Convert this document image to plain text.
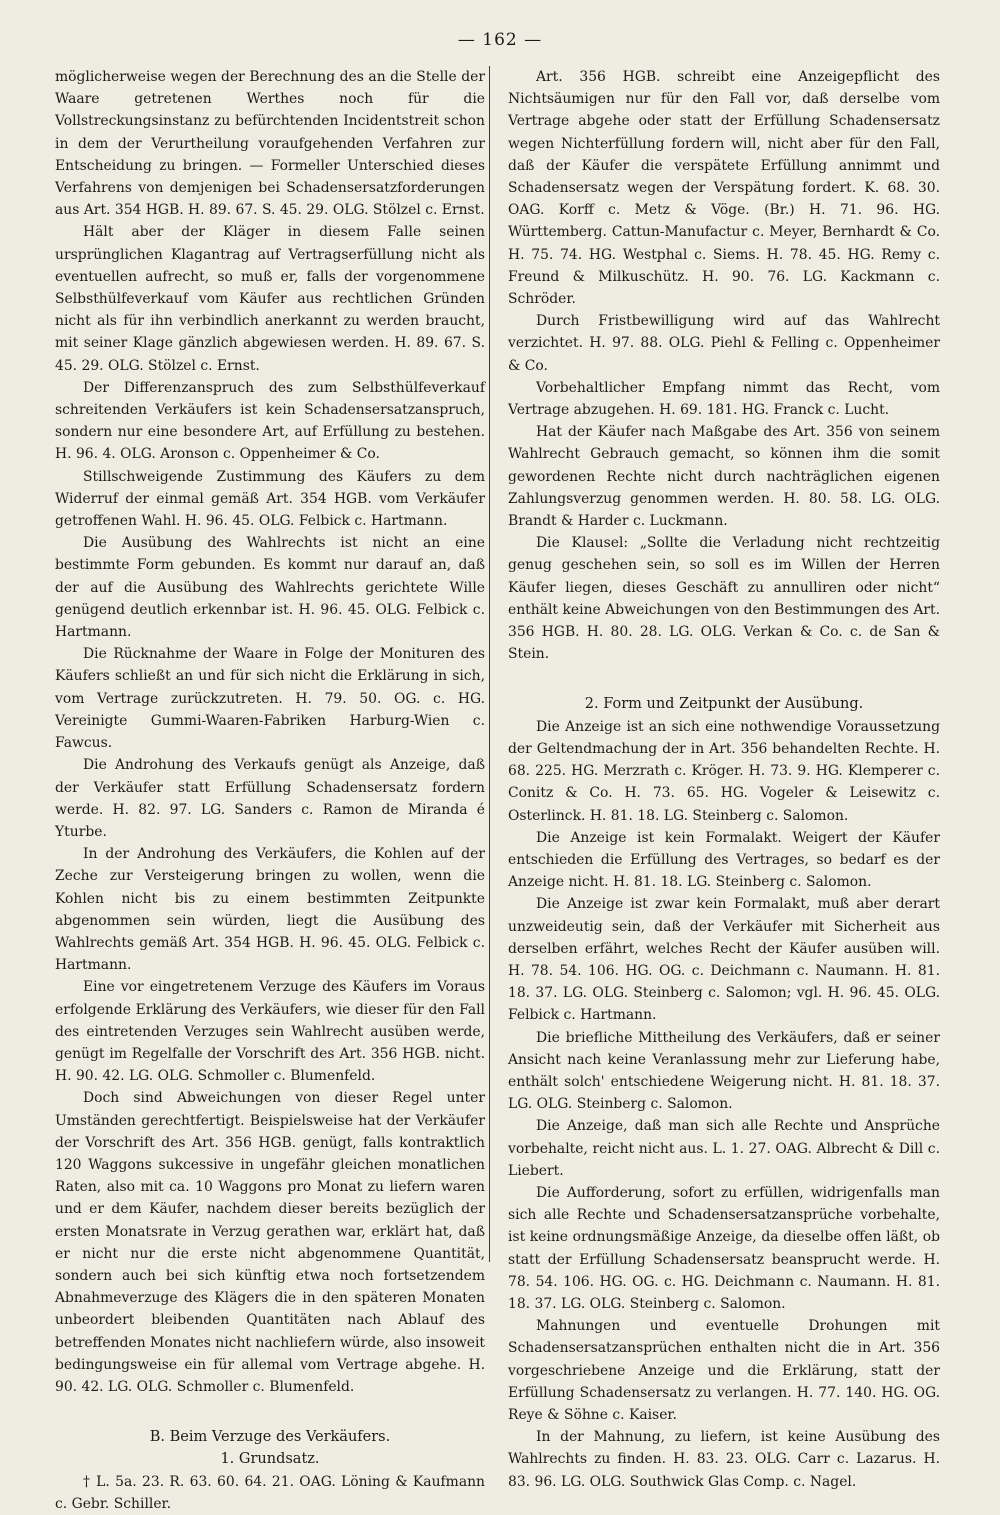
— 162 —

möglicherweise wegen der Berechnung des an die Stelle der Waare getretenen Werthes noch für die Vollstreckungsinstanz zu befürchtenden Incidentstreit schon in dem der Verurtheilung voraufgehenden Verfahren zur Entscheidung zu bringen. — Formeller Unterschied dieses Verfahrens von demjenigen bei Schadensersatzforderungen aus Art. 354 HGB. H. 89. 67. S. 45. 29. OLG. Stölzel c. Ernst.

Hält aber der Kläger in diesem Falle seinen ursprünglichen Klagantrag auf Vertragserfüllung nicht als eventuellen aufrecht, so muß er, falls der vorgenommene Selbsthülfeverkauf vom Käufer aus rechtlichen Gründen nicht als für ihn verbindlich anerkannt zu werden braucht, mit seiner Klage gänzlich abgewiesen werden. H. 89. 67. S. 45. 29. OLG. Stölzel c. Ernst.

Der Differenzanspruch des zum Selbsthülfeverkauf schreitenden Verkäufers ist kein Schadensersatzanspruch, sondern nur eine besondere Art, auf Erfüllung zu bestehen. H. 96. 4. OLG. Aronson c. Oppenheimer & Co.

Stillschweigende Zustimmung des Käufers zu dem Widerruf der einmal gemäß Art. 354 HGB. vom Verkäufer getroffenen Wahl. H. 96. 45. OLG. Felbick c. Hartmann.

Die Ausübung des Wahlrechts ist nicht an eine bestimmte Form gebunden. Es kommt nur darauf an, daß der auf die Ausübung des Wahlrechts gerichtete Wille genügend deutlich erkennbar ist. H. 96. 45. OLG. Felbick c. Hartmann.

Die Rücknahme der Waare in Folge der Monituren des Käufers schließt an und für sich nicht die Erklärung in sich, vom Vertrage zurückzutreten. H. 79. 50. OG. c. HG. Vereinigte Gummi-Waaren-Fabriken Harburg-Wien c. Fawcus.

Die Androhung des Verkaufs genügt als Anzeige, daß der Verkäufer statt Erfüllung Schadensersatz fordern werde. H. 82. 97. LG. Sanders c. Ramon de Miranda é Yturbe.

In der Androhung des Verkäufers, die Kohlen auf der Zeche zur Versteigerung bringen zu wollen, wenn die Kohlen nicht bis zu einem bestimmten Zeitpunkte abgenommen sein würden, liegt die Ausübung des Wahlrechts gemäß Art. 354 HGB. H. 96. 45. OLG. Felbick c. Hartmann.

Eine vor eingetretenem Verzuge des Käufers im Voraus erfolgende Erklärung des Verkäufers, wie dieser für den Fall des eintretenden Verzuges sein Wahlrecht ausüben werde, genügt im Regelfalle der Vorschrift des Art. 356 HGB. nicht. H. 90. 42. LG. OLG. Schmoller c. Blumenfeld.

Doch sind Abweichungen von dieser Regel unter Umständen gerechtfertigt. Beispielsweise hat der Verkäufer der Vorschrift des Art. 356 HGB. genügt, falls kontraktlich 120 Waggons sukcessive in ungefähr gleichen monatlichen Raten, also mit ca. 10 Waggons pro Monat zu liefern waren und er dem Käufer, nachdem dieser bereits bezüglich der ersten Monatsrate in Verzug gerathen war, erklärt hat, daß er nicht nur die erste nicht abgenommene Quantität, sondern auch bei sich künftig etwa noch fortsetzendem Abnahmeverzuge des Klägers die in den späteren Monaten unbeordert bleibenden Quantitäten nach Ablauf des betreffenden Monates nicht nachliefern würde, also insoweit bedingungsweise ein für allemal vom Vertrage abgehe. H. 90. 42. LG. OLG. Schmoller c. Blumenfeld.

B. Beim Verzuge des Verkäufers.
1. Grundsatz.

† L. 5a. 23. R. 63. 60. 64. 21. OAG. Löning & Kaufmann c. Gebr. Schiller.

Art. 356 HGB. schreibt eine Anzeigepflicht des Nichtsäumigen nur für den Fall vor, daß derselbe vom Vertrage abgehe oder statt der Erfüllung Schadensersatz wegen Nichterfüllung fordern will, nicht aber für den Fall, daß der Käufer die verspätete Erfüllung annimmt und Schadensersatz wegen der Verspätung fordert. K. 68. 30. OAG. Korff c. Metz & Vöge. (Br.) H. 71. 96. HG. Württemberg. Cattun-Manufactur c. Meyer, Bernhardt & Co. H. 75. 74. HG. Westphal c. Siems. H. 78. 45. HG. Remy c. Freund & Milkuschütz. H. 90. 76. LG. Kackmann c. Schröder.

Durch Fristbewilligung wird auf das Wahlrecht verzichtet. H. 97. 88. OLG. Piehl & Felling c. Oppenheimer & Co.

Vorbehaltlicher Empfang nimmt das Recht, vom Vertrage abzugehen. H. 69. 181. HG. Franck c. Lucht.

Hat der Käufer nach Maßgabe des Art. 356 von seinem Wahlrecht Gebrauch gemacht, so können ihm die somit gewordenen Rechte nicht durch nachträglichen eigenen Zahlungsverzug genommen werden. H. 80. 58. LG. OLG. Brandt & Harder c. Luckmann.

Die Klausel: „Sollte die Verladung nicht rechtzeitig genug geschehen sein, so soll es im Willen der Herren Käufer liegen, dieses Geschäft zu annulliren oder nicht“ enthält keine Abweichungen von den Bestimmungen des Art. 356 HGB. H. 80. 28. LG. OLG. Verkan & Co. c. de San & Stein.

2. Form und Zeitpunkt der Ausübung.

Die Anzeige ist an sich eine nothwendige Voraussetzung der Geltendmachung der in Art. 356 behandelten Rechte. H. 68. 225. HG. Merzrath c. Kröger. H. 73. 9. HG. Klemperer c. Conitz & Co. H. 73. 65. HG. Vogeler & Leisewitz c. Osterlinck. H. 81. 18. LG. Steinberg c. Salomon.

Die Anzeige ist kein Formalakt. Weigert der Käufer entschieden die Erfüllung des Vertrages, so bedarf es der Anzeige nicht. H. 81. 18. LG. Steinberg c. Salomon.

Die Anzeige ist zwar kein Formalakt, muß aber derart unzweideutig sein, daß der Verkäufer mit Sicherheit aus derselben erfährt, welches Recht der Käufer ausüben will. H. 78. 54. 106. HG. OG. c. Deichmann c. Naumann. H. 81. 18. 37. LG. OLG. Steinberg c. Salomon; vgl. H. 96. 45. OLG. Felbick c. Hartmann.

Die briefliche Mittheilung des Verkäufers, daß er seiner Ansicht nach keine Veranlassung mehr zur Lieferung habe, enthält solch' entschiedene Weigerung nicht. H. 81. 18. 37. LG. OLG. Steinberg c. Salomon.

Die Anzeige, daß man sich alle Rechte und Ansprüche vorbehalte, reicht nicht aus. L. 1. 27. OAG. Albrecht & Dill c. Liebert.

Die Aufforderung, sofort zu erfüllen, widrigenfalls man sich alle Rechte und Schadensersatzansprüche vorbehalte, ist keine ordnungsmäßige Anzeige, da dieselbe offen läßt, ob statt der Erfüllung Schadensersatz beansprucht werde. H. 78. 54. 106. HG. OG. c. HG. Deichmann c. Naumann. H. 81. 18. 37. LG. OLG. Steinberg c. Salomon.

Mahnungen und eventuelle Drohungen mit Schadensersatzansprüchen enthalten nicht die in Art. 356 vorgeschriebene Anzeige und die Erklärung, statt der Erfüllung Schadensersatz zu verlangen. H. 77. 140. HG. OG. Reye & Söhne c. Kaiser.

In der Mahnung, zu liefern, ist keine Ausübung des Wahlrechts zu finden. H. 83. 23. OLG. Carr c. Lazarus. H. 83. 96. LG. OLG. Southwick Glas Comp. c. Nagel.
